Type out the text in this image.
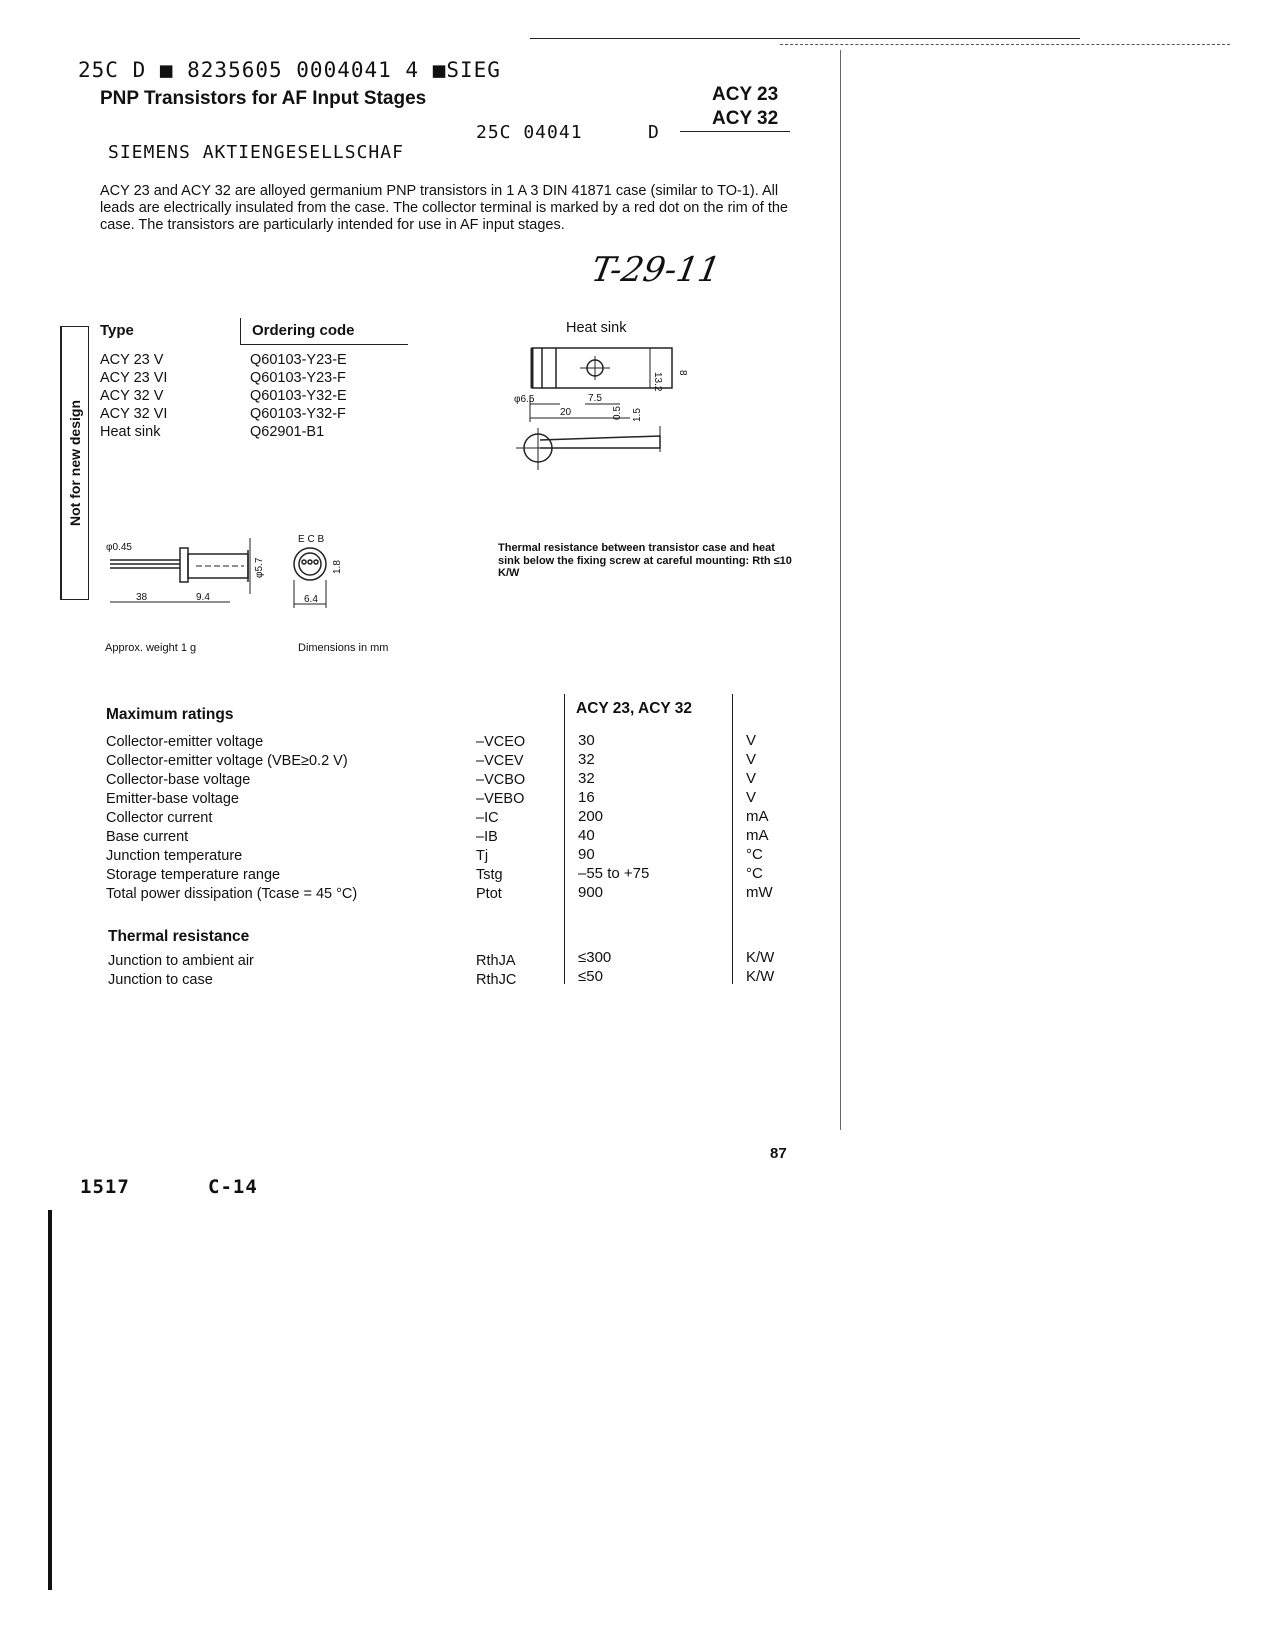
25C D ■ 8235605 0004041 4 ■SIEG
PNP Transistors for AF Input Stages	ACY 23
ACY 32
25C 04041	D
SIEMENS AKTIENGESELLSCHAF
ACY 23 and ACY 32 are alloyed germanium PNP transistors in 1 A 3 DIN 41871 case (similar to TO-1). All leads are electrically insulated from the case. The collector terminal is marked by a red dot on the rim of the case. The transistors are particularly intended for use in AF input stages.
T-29-11
Not for new design
Type	Ordering code
ACY 23 V	Q60103-Y23-E
ACY 23 VI	Q60103-Y23-F
ACY 32 V	Q60103-Y32-E
ACY 32 VI	Q60103-Y32-F
Heat sink	Q62901-B1
Heat sink
13.2 8
φ6.5	7.5
20	0.5 1.5
Thermal resistance between transistor case and heat sink below the fixing screw at careful mounting: Rth ≤10 K/W
φ0.45
φ5.7
38	9.4
E C B
1.8
6.4
Approx. weight 1 g	Dimensions in mm
Maximum ratings	ACY 23, ACY 32
Collector-emitter voltage	–VCEO	30	V
Collector-emitter voltage (VBE≥0.2 V)	–VCEV	32	V
Collector-base voltage	–VCBO	32	V
Emitter-base voltage	–VEBO	16	V
Collector current	–IC	200	mA
Base current	–IB	40	mA
Junction temperature	Tj	90	°C
Storage temperature range	Tstg	–55 to +75	°C
Total power dissipation (Tcase = 45 °C)	Ptot	900	mW
Thermal resistance
Junction to ambient air	RthJA	≤300	K/W
Junction to case	RthJC	≤50	K/W
87
1517	C-14
